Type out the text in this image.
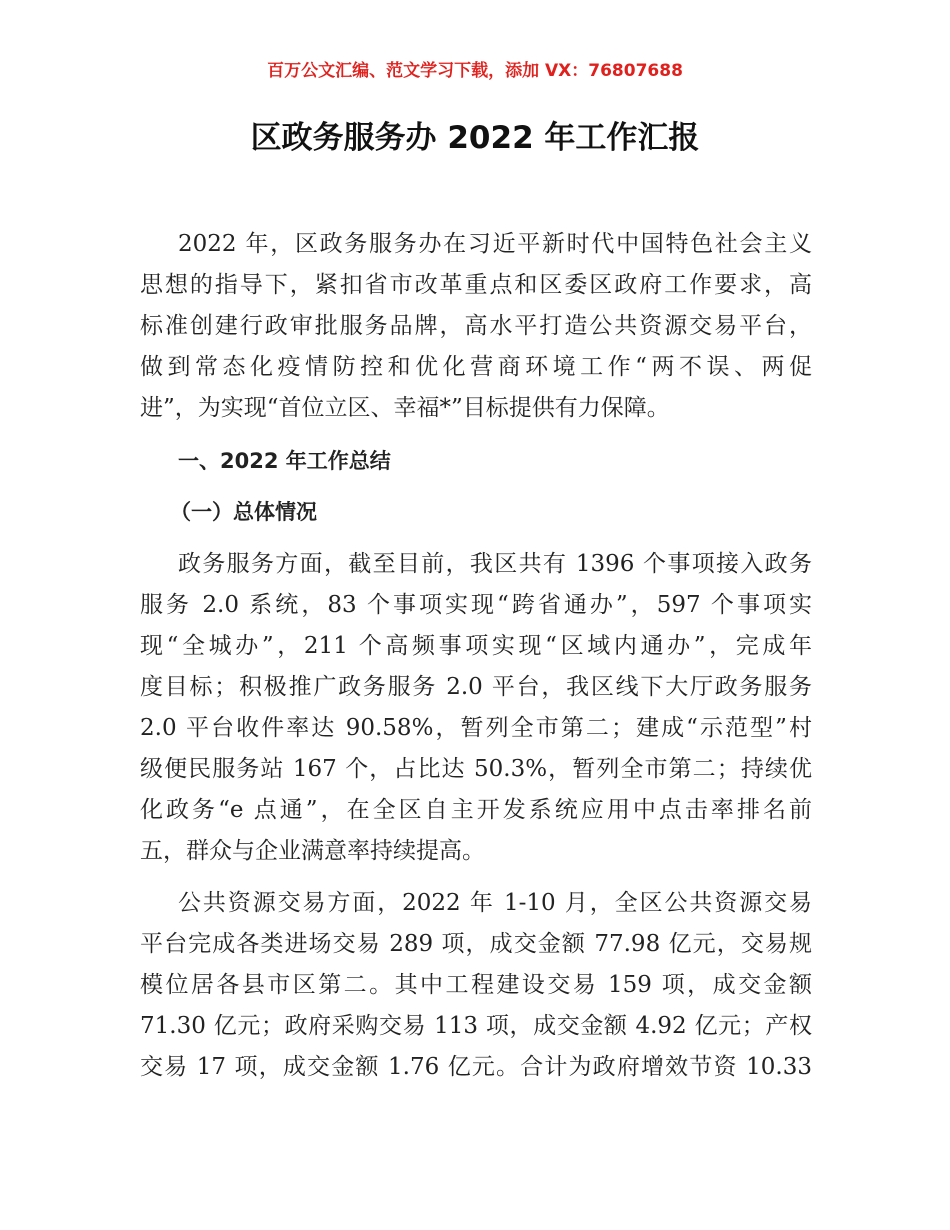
百万公文汇编、范文学习下载，添加 VX：76807688
区政务服务办 2022 年工作汇报
2022 年，区政务服务办在习近平新时代中国特色社会主义
思想的指导下，紧扣省市改革重点和区委区政府工作要求，高
标准创建行政审批服务品牌，高水平打造公共资源交易平台，
做到常态化疫情防控和优化营商环境工作“两不误、两促
进”，为实现“首位立区、幸福*”目标提供有力保障。
一、2022 年工作总结
（一）总体情况
政务服务方面，截至目前，我区共有 1396 个事项接入政务
服务 2.0 系统，83 个事项实现“跨省通办”，597 个事项实
现“全城办”，211 个高频事项实现“区域内通办”，完成年
度目标；积极推广政务服务 2.0 平台，我区线下大厅政务服务
2.0 平台收件率达 90.58%，暂列全市第二；建成“示范型”村
级便民服务站 167 个，占比达 50.3%，暂列全市第二；持续优
化政务“e 点通”，在全区自主开发系统应用中点击率排名前
五，群众与企业满意率持续提高。
公共资源交易方面，2022 年 1-10 月，全区公共资源交易
平台完成各类进场交易 289 项，成交金额 77.98 亿元，交易规
模位居各县市区第二。其中工程建设交易 159 项，成交金额
71.30 亿元；政府采购交易 113 项，成交金额 4.92 亿元；产权
交易 17 项，成交金额 1.76 亿元。合计为政府增效节资 10.33
